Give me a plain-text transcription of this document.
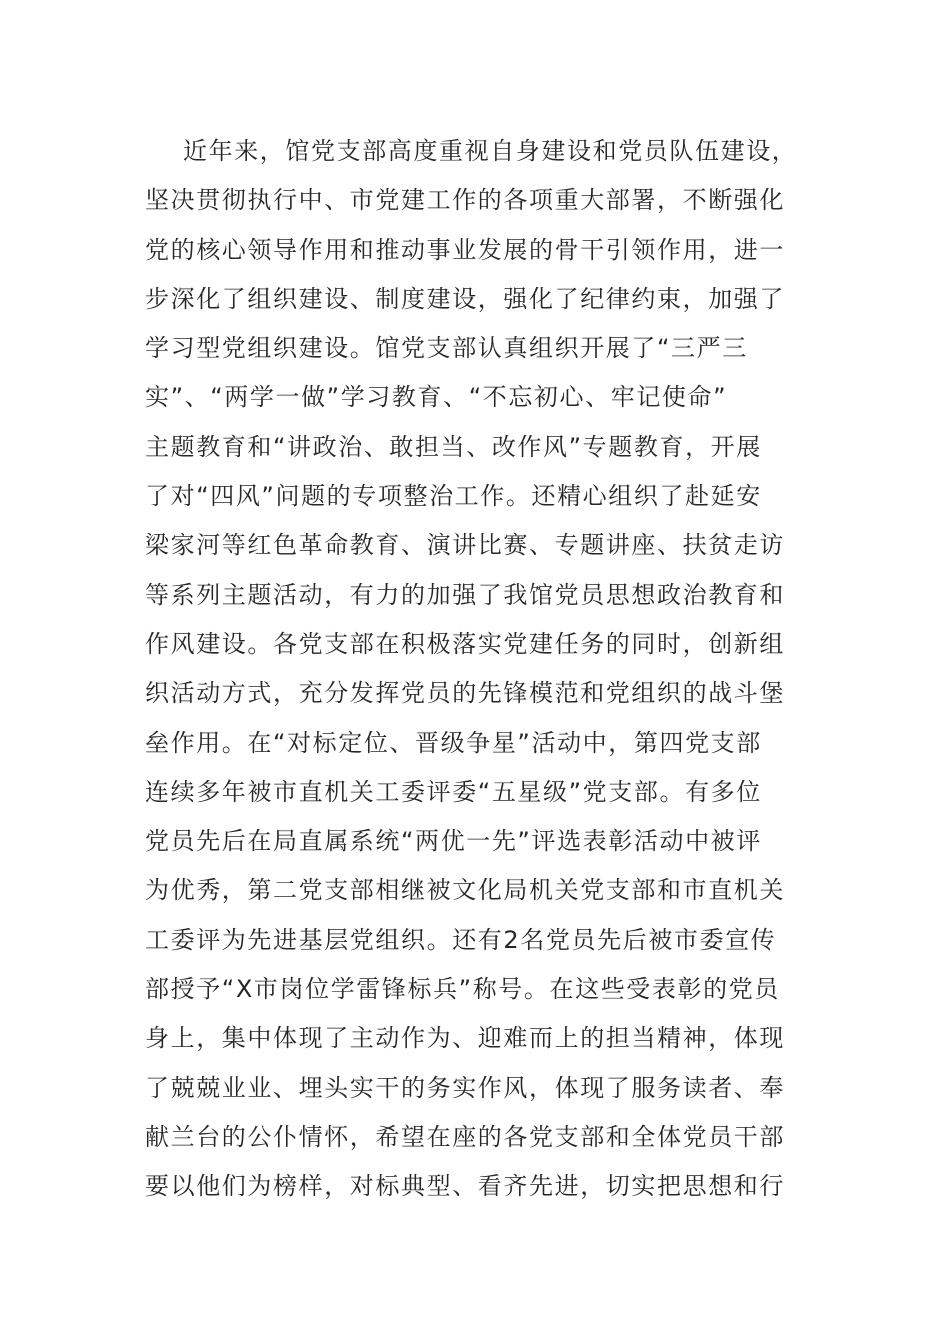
近年来，馆党支部高度重视自身建设和党员队伍建设，
坚决贯彻执行中、市党建工作的各项重大部署，不断强化
党的核心领导作用和推动事业发展的骨干引领作用，进一
步深化了组织建设、制度建设，强化了纪律约束，加强了
学习型党组织建设。馆党支部认真组织开展了“三严三
实”、“两学一做”学习教育、“不忘初心、牢记使命”
主题教育和“讲政治、敢担当、改作风”专题教育，开展
了对“四风”问题的专项整治工作。还精心组织了赴延安
梁家河等红色革命教育、演讲比赛、专题讲座、扶贫走访
等系列主题活动，有力的加强了我馆党员思想政治教育和
作风建设。各党支部在积极落实党建任务的同时，创新组
织活动方式，充分发挥党员的先锋模范和党组织的战斗堡
垒作用。在“对标定位、晋级争星”活动中，第四党支部
连续多年被市直机关工委评委“五星级”党支部。有多位
党员先后在局直属系统“两优一先”评选表彰活动中被评
为优秀，第二党支部相继被文化局机关党支部和市直机关
工委评为先进基层党组织。还有2名党员先后被市委宣传
部授予“X市岗位学雷锋标兵”称号。在这些受表彰的党员
身上，集中体现了主动作为、迎难而上的担当精神，体现
了兢兢业业、埋头实干的务实作风，体现了服务读者、奉
献兰台的公仆情怀，希望在座的各党支部和全体党员干部
要以他们为榜样，对标典型、看齐先进，切实把思想和行
